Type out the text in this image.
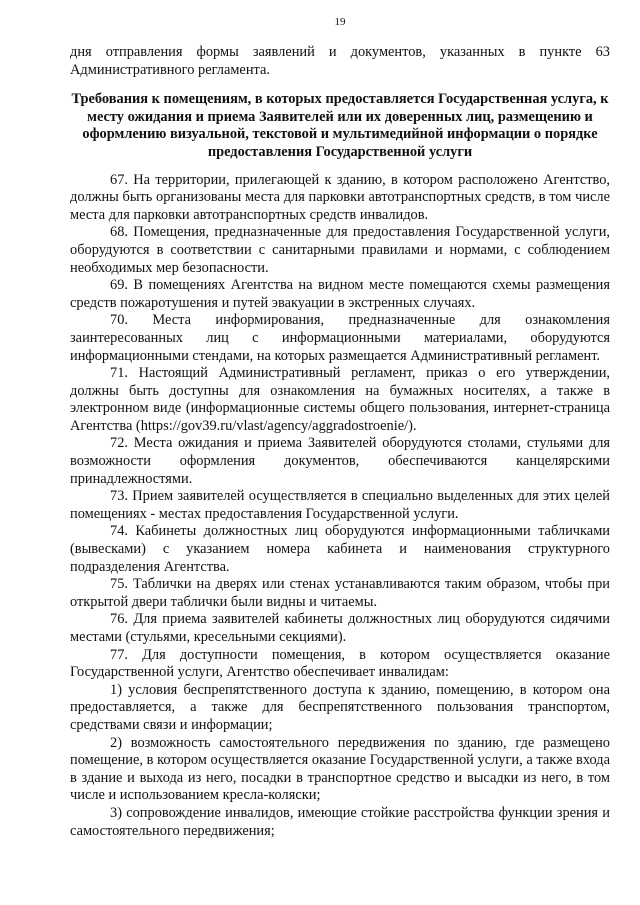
19

дня отправления формы заявлений и документов, указанных в пункте 63 Административного регламента.

Требования к помещениям, в которых предоставляется Государственная услуга, к месту ожидания и приема Заявителей или их доверенных лиц, размещению и оформлению визуальной, текстовой и мультимедийной информации о порядке предоставления Государственной услуги

67. На территории, прилегающей к зданию, в котором расположено Агентство, должны быть организованы места для парковки автотранспортных средств, в том числе места для парковки автотранспортных средств инвалидов.

68. Помещения, предназначенные для предоставления Государственной услуги, оборудуются в соответствии с санитарными правилами и нормами, с соблюдением необходимых мер безопасности.

69. В помещениях Агентства на видном месте помещаются схемы размещения средств пожаротушения и путей эвакуации в экстренных случаях.

70. Места информирования, предназначенные для ознакомления заинтересованных лиц с информационными материалами, оборудуются информационными стендами, на которых размещается Административный регламент.

71. Настоящий Административный регламент, приказ о его утверждении, должны быть доступны для ознакомления на бумажных носителях, а также в электронном виде (информационные системы общего пользования, интернет-страница Агентства (https://gov39.ru/vlast/agency/aggradostroenie/).

72. Места ожидания и приема Заявителей оборудуются столами, стульями для возможности оформления документов, обеспечиваются канцелярскими принадлежностями.

73. Прием заявителей осуществляется в специально выделенных для этих целей помещениях - местах предоставления Государственной услуги.

74. Кабинеты должностных лиц оборудуются информационными табличками (вывесками) с указанием номера кабинета и наименования структурного подразделения Агентства.

75. Таблички на дверях или стенах устанавливаются таким образом, чтобы при открытой двери таблички были видны и читаемы.

76. Для приема заявителей кабинеты должностных лиц оборудуются сидячими местами (стульями, кресельными секциями).

77. Для доступности помещения, в котором осуществляется оказание Государственной услуги, Агентство обеспечивает инвалидам:

1) условия беспрепятственного доступа к зданию, помещению, в котором она предоставляется, а также для беспрепятственного пользования транспортом, средствами связи и информации;

2) возможность самостоятельного передвижения по зданию, где размещено помещение, в котором осуществляется оказание Государственной услуги, а также входа в здание и выхода из него, посадки в транспортное средство и высадки из него, в том числе и использованием кресла-коляски;

3) сопровождение инвалидов, имеющие стойкие расстройства функции зрения и самостоятельного передвижения;
